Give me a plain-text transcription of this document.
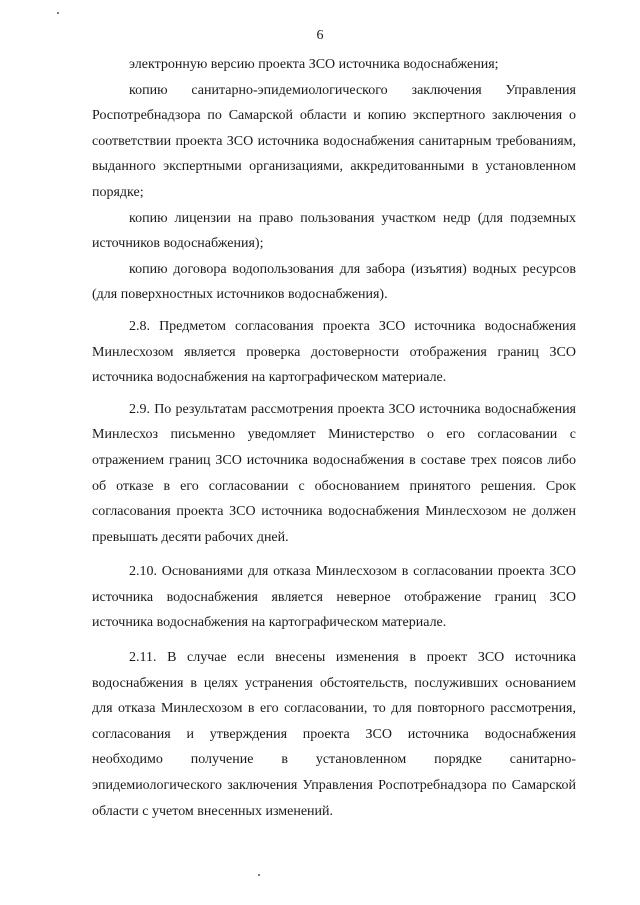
6

электронную версию проекта ЗСО источника водоснабжения;

копию санитарно-эпидемиологического заключения Управления Роспотребнадзора по Самарской области и копию экспертного заключения о соответствии проекта ЗСО источника водоснабжения санитарным требованиям, выданного экспертными организациями, аккредитованными в установленном порядке;

копию лицензии на право пользования участком недр (для подземных источников водоснабжения);

копию договора водопользования для забора (изъятия) водных ресурсов (для поверхностных источников водоснабжения).

2.8. Предметом согласования проекта ЗСО источника водоснабжения Минлесхозом является проверка достоверности отображения границ ЗСО источника водоснабжения на картографическом материале.

2.9. По результатам рассмотрения проекта ЗСО источника водоснабжения Минлесхоз письменно уведомляет Министерство о его согласовании с отражением границ ЗСО источника водоснабжения в составе трех поясов либо об отказе в его согласовании с обоснованием принятого решения. Срок согласования проекта ЗСО источника водоснабжения Минлесхозом не должен превышать десяти рабочих дней.

2.10. Основаниями для отказа Минлесхозом в согласовании проекта ЗСО источника водоснабжения является неверное отображение границ ЗСО источника водоснабжения на картографическом материале.

2.11. В случае если внесены изменения в проект ЗСО источника водоснабжения в целях устранения обстоятельств, послуживших основанием для отказа Минлесхозом в его согласовании, то для повторного рассмотрения, согласования и утверждения проекта ЗСО источника водоснабжения необходимо получение в установленном порядке санитарно-эпидемиологического заключения Управления Роспотребнадзора по Самарской области с учетом внесенных изменений.
